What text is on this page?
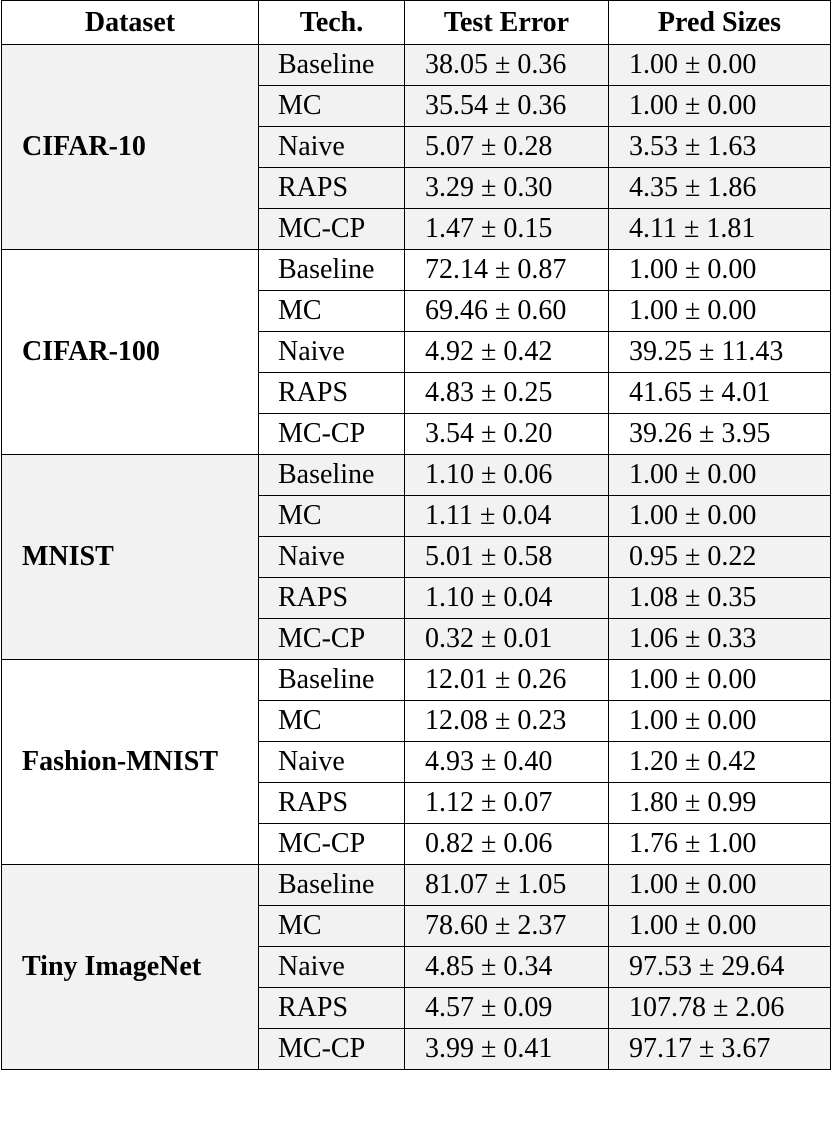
Dataset	Tech.	Test Error	Pred Sizes
CIFAR-10	Baseline	38.05 ± 0.36	1.00 ± 0.00
	MC	35.54 ± 0.36	1.00 ± 0.00
	Naive	5.07 ± 0.28	3.53 ± 1.63
	RAPS	3.29 ± 0.30	4.35 ± 1.86
	MC-CP	1.47 ± 0.15	4.11 ± 1.81
CIFAR-100	Baseline	72.14 ± 0.87	1.00 ± 0.00
	MC	69.46 ± 0.60	1.00 ± 0.00
	Naive	4.92 ± 0.42	39.25 ± 11.43
	RAPS	4.83 ± 0.25	41.65 ± 4.01
	MC-CP	3.54 ± 0.20	39.26 ± 3.95
MNIST	Baseline	1.10 ± 0.06	1.00 ± 0.00
	MC	1.11 ± 0.04	1.00 ± 0.00
	Naive	5.01 ± 0.58	0.95 ± 0.22
	RAPS	1.10 ± 0.04	1.08 ± 0.35
	MC-CP	0.32 ± 0.01	1.06 ± 0.33
Fashion-MNIST	Baseline	12.01 ± 0.26	1.00 ± 0.00
	MC	12.08 ± 0.23	1.00 ± 0.00
	Naive	4.93 ± 0.40	1.20 ± 0.42
	RAPS	1.12 ± 0.07	1.80 ± 0.99
	MC-CP	0.82 ± 0.06	1.76 ± 1.00
Tiny ImageNet	Baseline	81.07 ± 1.05	1.00 ± 0.00
	MC	78.60 ± 2.37	1.00 ± 0.00
	Naive	4.85 ± 0.34	97.53 ± 29.64
	RAPS	4.57 ± 0.09	107.78 ± 2.06
	MC-CP	3.99 ± 0.41	97.17 ± 3.67
